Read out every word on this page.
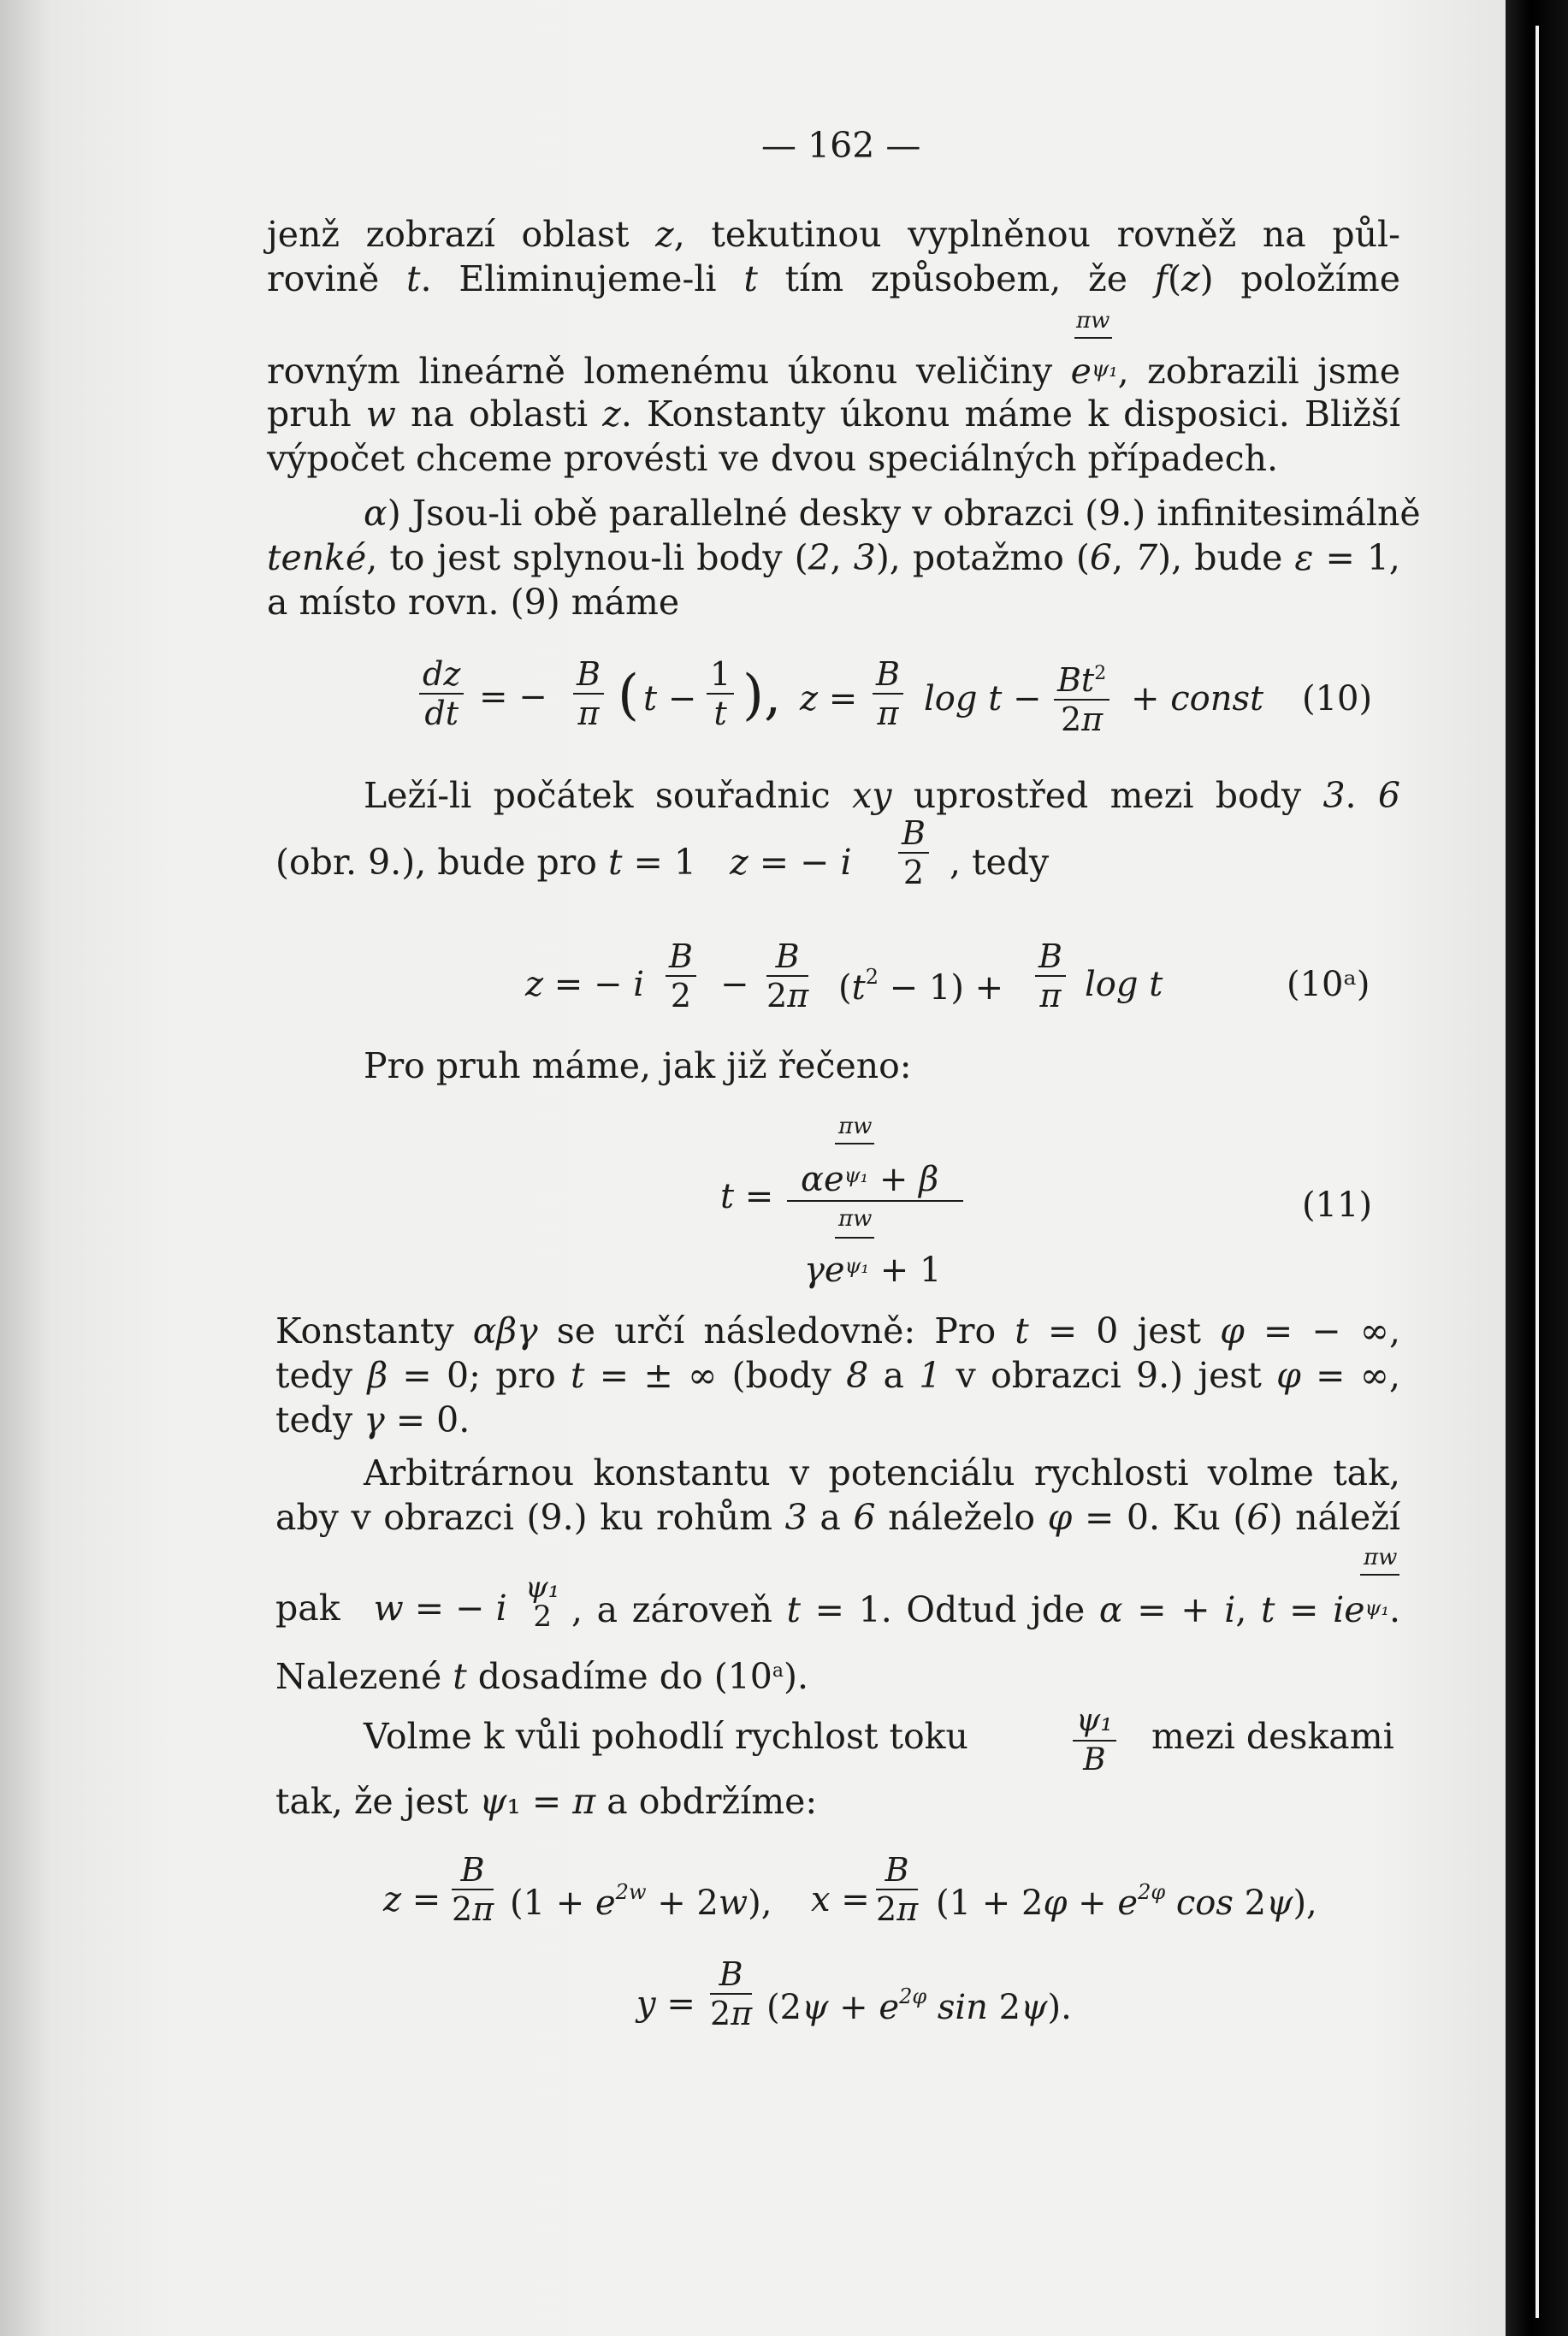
— 162 —
jenž zobrazí oblast z, tekutinou vyplněnou rovněž na půl-
rovině t. Eliminujeme-li t tím způsobem, že f(z) položíme
πw
rovným lineárně lomenému úkonu veličiny eψ₁, zobrazili jsme
pruh w na oblasti z. Konstanty úkonu máme k disposici. Bližší
výpočet chceme provésti ve dvou speciálných případech.
α) Jsou-li obě parallelné desky v obrazci (9.) infinitesimálně
tenké, to jest splynou-li body (2, 3), potažmo (6, 7), bude ε = 1,
a místo rovn. (9) máme
$\frac{dz}{dt}$ = − $\frac{B}{\pi}$ ( $t - \frac{1}{t}$ ), $z = \frac{B}{\pi}$ $\log t - \frac{Bt^2}{2\pi}$ + const (10)
Leží-li počátek souřadnic xy uprostřed mezi body 3. 6
$\frac{B}{2}$
(obr. 9.), bude pro t = 1   z = − i	, tedy
z = − i $\frac{B}{2} - \frac{B}{2\pi} (t^2 - 1) + \frac{B}{\pi}$ log t	(10ᵃ)
Pro pruh máme, jak již řečeno:
πw
$\alpha e^{\psi_1} + \beta$
t =
πw
$\gamma e^{\psi_1} + 1$
(11)
Konstanty αβγ se určí následovně: Pro t = 0 jest φ = − ∞,
tedy β = 0; pro t = ± ∞ (body 8 a 1 v obrazci 9.) jest φ = ∞,
tedy γ = 0.
Arbitrárnou konstantu v potenciálu rychlosti volme tak,
aby v obrazci (9.) ku rohům 3 a 6 náleželo φ = 0. Ku (6) náleží
πw
ψ₁
2
pak   w = − i , a zároveň t = 1. Odtud jde α = + i, t = ieψ₁.
Nalezené t dosadíme do (10$^a$).
$\frac{\text{ψ₁}}{B}$
Volme k vůli pohodlí rychlost toku	mezi deskami
tak, že jest ψ₁ = π a obdržíme:
$z = \frac{B}{2\pi} (1 + e^{2w} + 2w)$, $x = \frac{B}{2\pi} (1 + 2\varphi + e^{2\varphi}$ cos 2ψ),
$y = \frac{B}{2\pi} (2\psi + e^{2\varphi}$ sin 2ψ).
